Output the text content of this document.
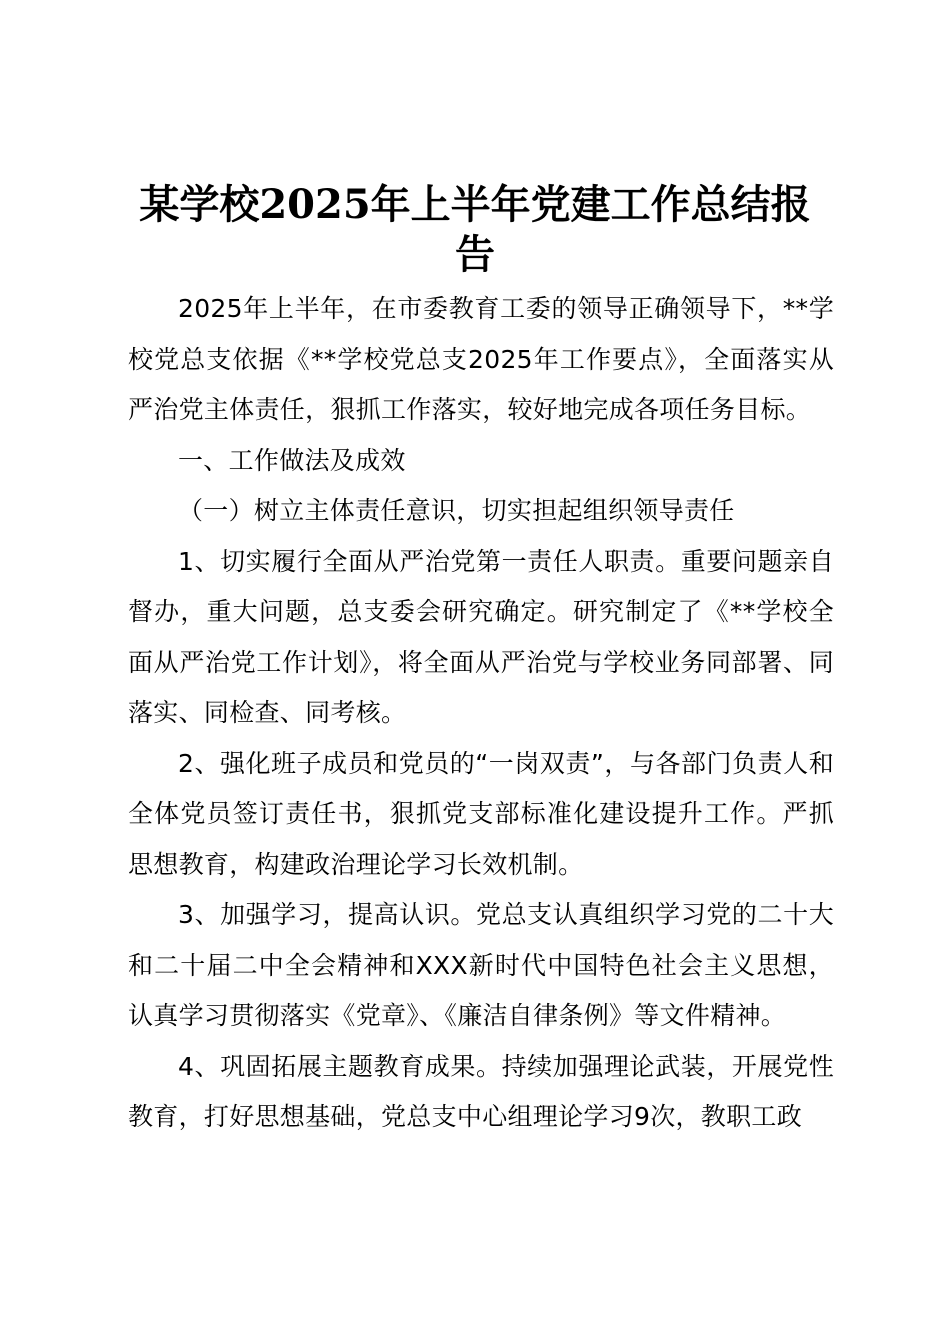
某学校2025年上半年党建工作总结报告

2025年上半年，在市委教育工委的领导正确领导下，**学校党总支依据《**学校党总支2025年工作要点》，全面落实从严治党主体责任，狠抓工作落实，较好地完成各项任务目标。

一、工作做法及成效

（一）树立主体责任意识，切实担起组织领导责任

1、切实履行全面从严治党第一责任人职责。重要问题亲自督办，重大问题，总支委会研究确定。研究制定了《**学校全面从严治党工作计划》，将全面从严治党与学校业务同部署、同落实、同检查、同考核。

2、强化班子成员和党员的“一岗双责”，与各部门负责人和全体党员签订责任书，狠抓党支部标准化建设提升工作。严抓思想教育，构建政治理论学习长效机制。

3、加强学习，提高认识。党总支认真组织学习党的二十大和二十届二中全会精神和XXX新时代中国特色社会主义思想，认真学习贯彻落实《党章》、《廉洁自律条例》等文件精神。

4、巩固拓展主题教育成果。持续加强理论武装，开展党性教育，打好思想基础，党总支中心组理论学习9次，教职工政
